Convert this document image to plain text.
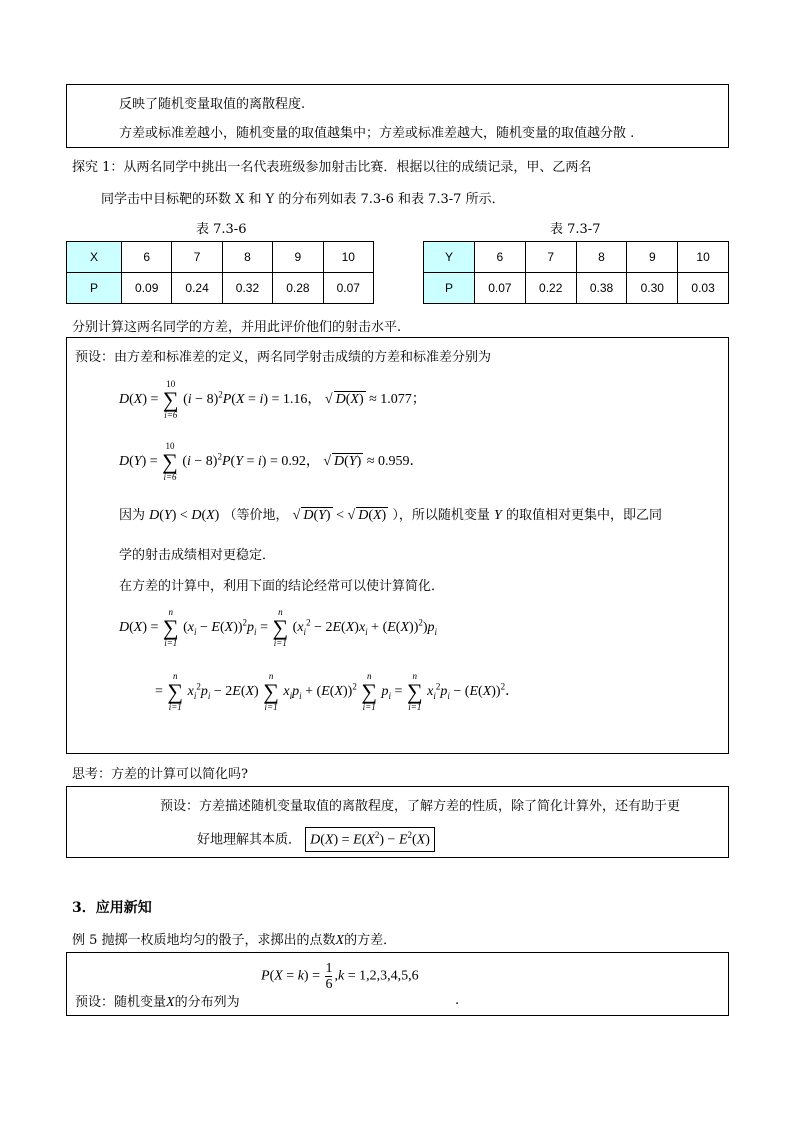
反映了随机变量取值的离散程度.
方差或标准差越小，随机变量的取值越集中；方差或标准差越大，随机变量的取值越分散 .
探究 1：从两名同学中挑出一名代表班级参加射击比赛．根据以往的成绩记录，甲、乙两名
同学击中目标靶的环数 X 和 Y 的分布列如表 7.3-6 和表 7.3-7 所示．
表 7.3-6	表 7.3-7
X	6	7	8	9	10
P	0.09	0.24	0.32	0.28	0.07
Y	6	7	8	9	10
P	0.07	0.22	0.38	0.30	0.03
分别计算这两名同学的方差，并用此评价他们的射击水平.
预设：由方差和标准差的定义，两名同学射击成绩的方差和标准差分别为
D(X) =
10
∑
i=6
$(i - 8)^2P(X = i) = 1.16$， √ D(X) ≈ 1.077；
D(Y) =
10
∑
i=6
$(i - 8)^2P(Y = i) = 0.92$， √ D(Y) ≈ 0.959．
因为 D(Y) < D(X) （等价地， √ D(Y) < √ D(X) ），所以随机变量 Y 的取值相对更集中，即乙同
学的射击成绩相对更稳定．
在方差的计算中，利用下面的结论经常可以使计算简化．
D(X) =
n
∑
i=1
$(x_i - E(X))^2p_i$ =
n
∑
i=1
$(x_i^2 - 2E(X)x_i + (E(X))^2)p_i$
=
n
∑
i=1
$x_i^2p_i - 2E(X)$
n
∑
i=1
$x_ip_i + (E(X))^2$
n
∑
i=1
$p_i$ =
n
∑
i=1
$x_i^2p_i - (E(X))^2$．
思考：方差的计算可以简化吗?
预设：方差描述随机变量取值的离散程度，了解方差的性质，除了简化计算外，还有助于更
好地理解其本质． $D(X) = E(X^2) - E^2(X)$
3．应用新知
例 5 抛掷一枚质地均匀的骰子，求掷出的点数X的方差．
预设：随机变量X的分布列为
$P(X = k) = \frac{1}{6} ,k = 1,2,3,4,5,6$
.
